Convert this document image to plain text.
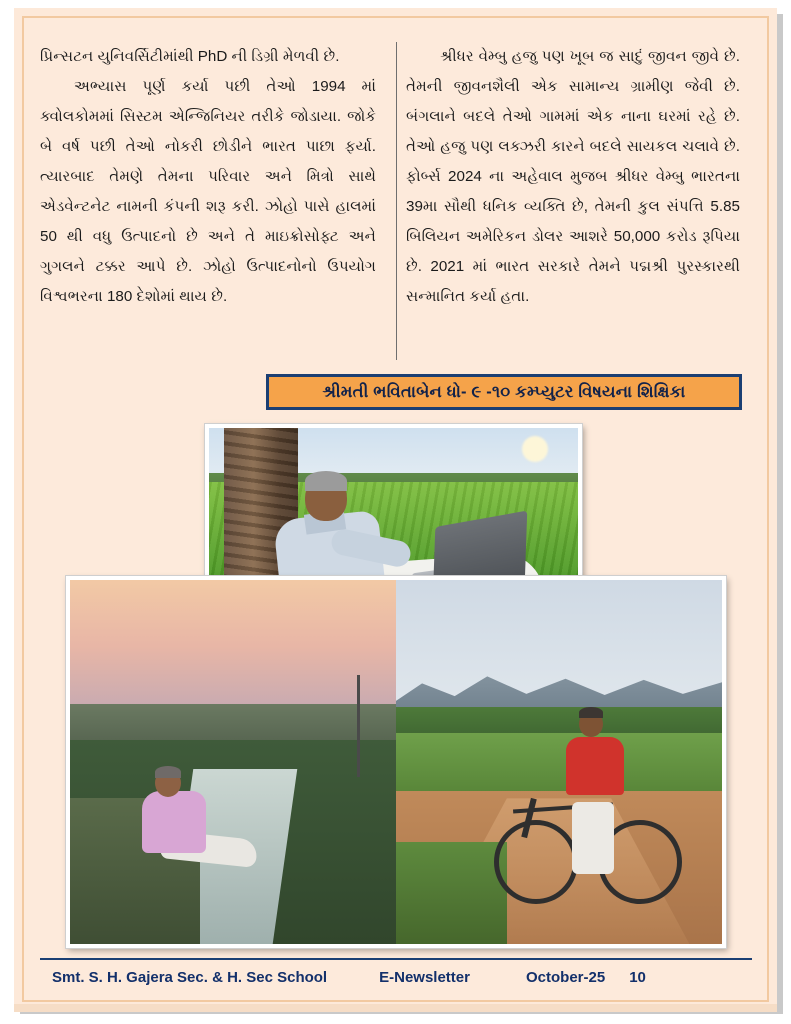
પ્રિન્સટન યુનિવર્સિટીમાંથી PhD ની ડિગ્રી મેળવી છે.

અભ્યાસ પૂર્ણ કર્યા પછી તેઓ 1994 માં ક્વોલકોમમાં સિસ્ટમ એન્જિનિયર તરીકે જોડાયા. જોકે બે વર્ષ પછી તેઓ નોકરી છોડીને ભારત પાછા ફર્યા. ત્યારબાદ તેમણે તેમના પરિવાર અને મિત્રો સાથે એડવેન્ટનેટ નામની કંપની શરૂ કરી. ઝોહો પાસે હાલમાં 50 થી વધુ ઉત્પાદનો છે અને તે માઇક્રોસોફ્ટ અને ગુગલને ટક્કર આપે છે. ઝોહો ઉત્પાદનોનો ઉપયોગ વિશ્વભરના 180 દેશોમાં થાય છે.

શ્રીધર વેમ્બુ હજુ પણ ખૂબ જ સાદું જીવન જીવે છે. તેમની જીવનશૈલી એક સામાન્ય ગ્રામીણ જેવી છે. બંગલાને બદલે તેઓ ગામમાં એક નાના ઘરમાં રહે છે. તેઓ હજુ પણ લક્ઝરી કારને બદલે સાયકલ ચલાવે છે. ફોર્બ્સ 2024 ના અહેવાલ મુજબ શ્રીધર વેમ્બુ ભારતના 39મા સૌથી ધનિક વ્યક્તિ છે, તેમની કુલ સંપત્તિ 5.85 બિલિયન અમેરિકન ડોલર આશરે 50,000 કરોડ રૂપિયા છે. 2021 માં ભારત સરકારે તેમને પદ્મશ્રી પુરસ્કારથી સન્માનિત કર્યા હતા.

શ્રીમતી ભવિતાબેન ધો- ૯ -૧૦ કમ્પ્યુટર વિષયના શિક્ષિકા
Smt. S. H. Gajera Sec. & H. Sec School	E-Newsletter	October-25 10
